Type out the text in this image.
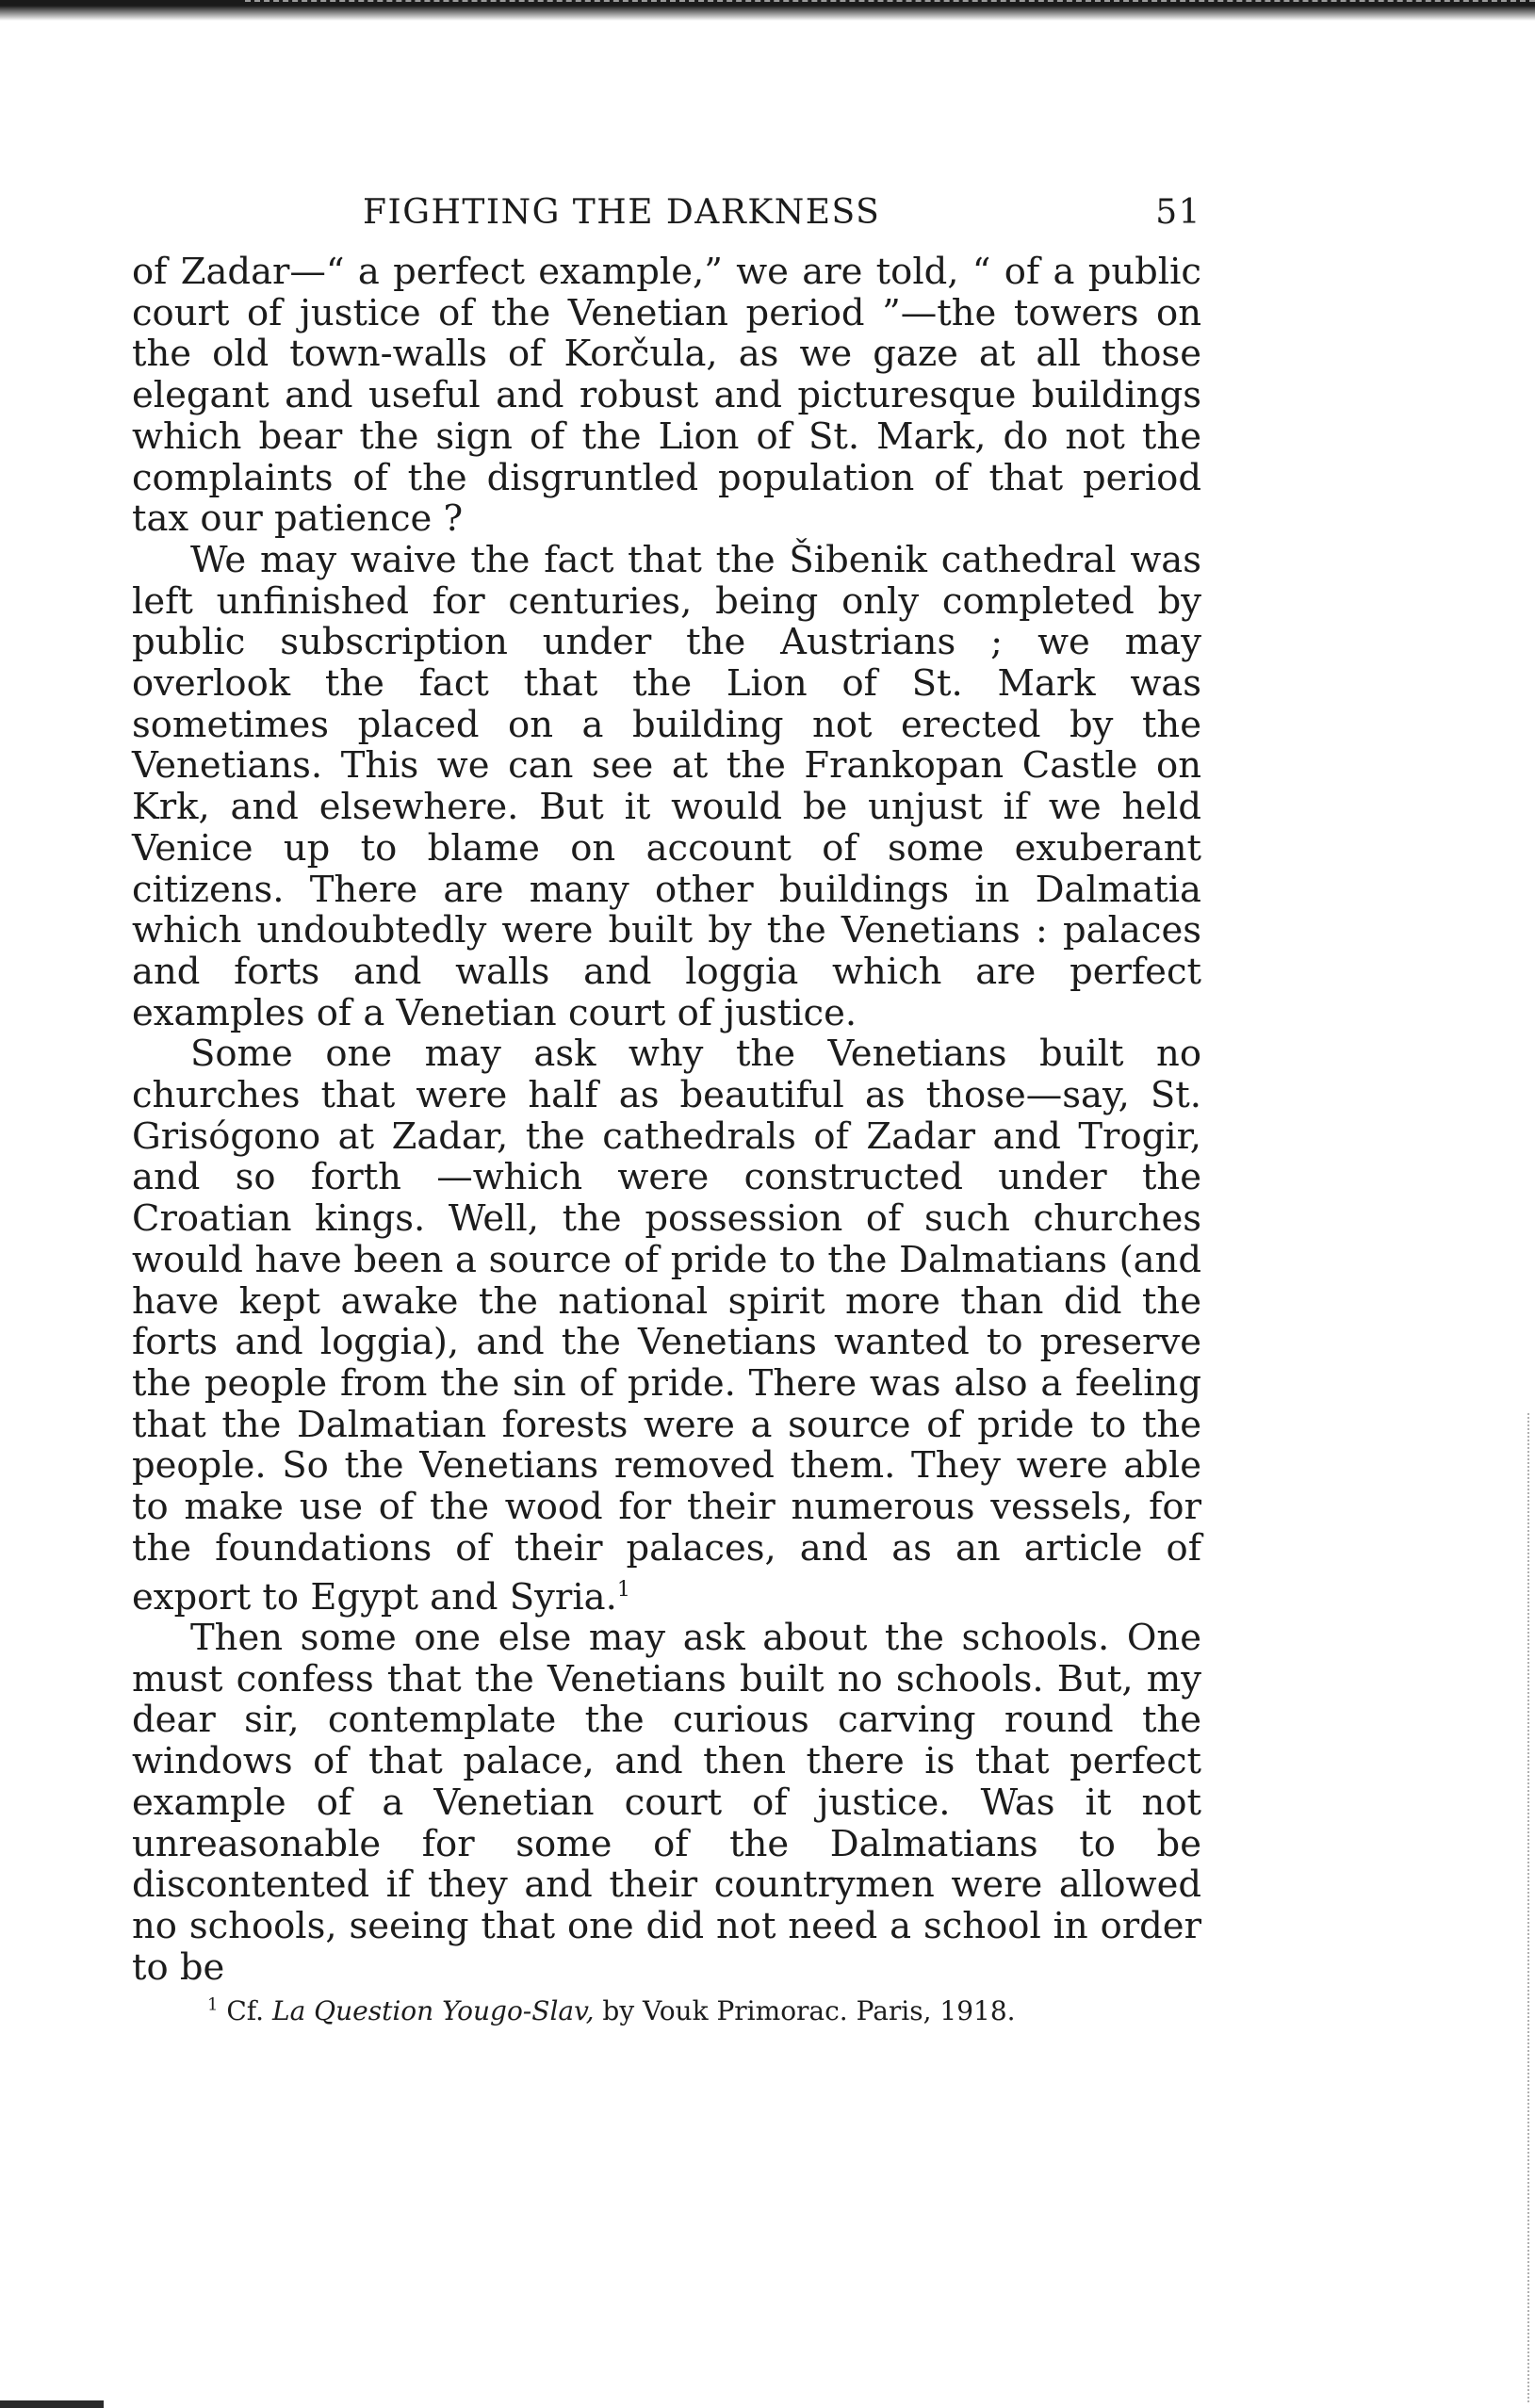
FIGHTING THE DARKNESS	51

of Zadar—“ a perfect example,” we are told, “ of a public court of justice of the Venetian period ”—the towers on the old town-walls of Korčula, as we gaze at all those elegant and useful and robust and picturesque buildings which bear the sign of the Lion of St. Mark, do not the complaints of the disgruntled population of that period tax our patience ?

We may waive the fact that the Šibenik cathedral was left unfinished for centuries, being only completed by public subscription under the Austrians ; we may overlook the fact that the Lion of St. Mark was sometimes placed on a building not erected by the Venetians. This we can see at the Frankopan Castle on Krk, and elsewhere. But it would be unjust if we held Venice up to blame on account of some exuberant citizens. There are many other buildings in Dalmatia which undoubtedly were built by the Venetians : palaces and forts and walls and loggia which are perfect examples of a Venetian court of justice.

Some one may ask why the Venetians built no churches that were half as beautiful as those—say, St. Grisógono at Zadar, the cathedrals of Zadar and Trogir, and so forth —which were constructed under the Croatian kings. Well, the possession of such churches would have been a source of pride to the Dalmatians (and have kept awake the national spirit more than did the forts and loggia), and the Venetians wanted to preserve the people from the sin of pride. There was also a feeling that the Dalmatian forests were a source of pride to the people. So the Venetians removed them. They were able to make use of the wood for their numerous vessels, for the foundations of their palaces, and as an article of export to Egypt and Syria.$^1$

Then some one else may ask about the schools. One must confess that the Venetians built no schools. But, my dear sir, contemplate the curious carving round the windows of that palace, and then there is that perfect example of a Venetian court of justice. Was it not unreasonable for some of the Dalmatians to be discontented if they and their countrymen were allowed no schools, seeing that one did not need a school in order to be

$^1$ Cf. La Question Yougo-Slav, by Vouk Primorac. Paris, 1918.
